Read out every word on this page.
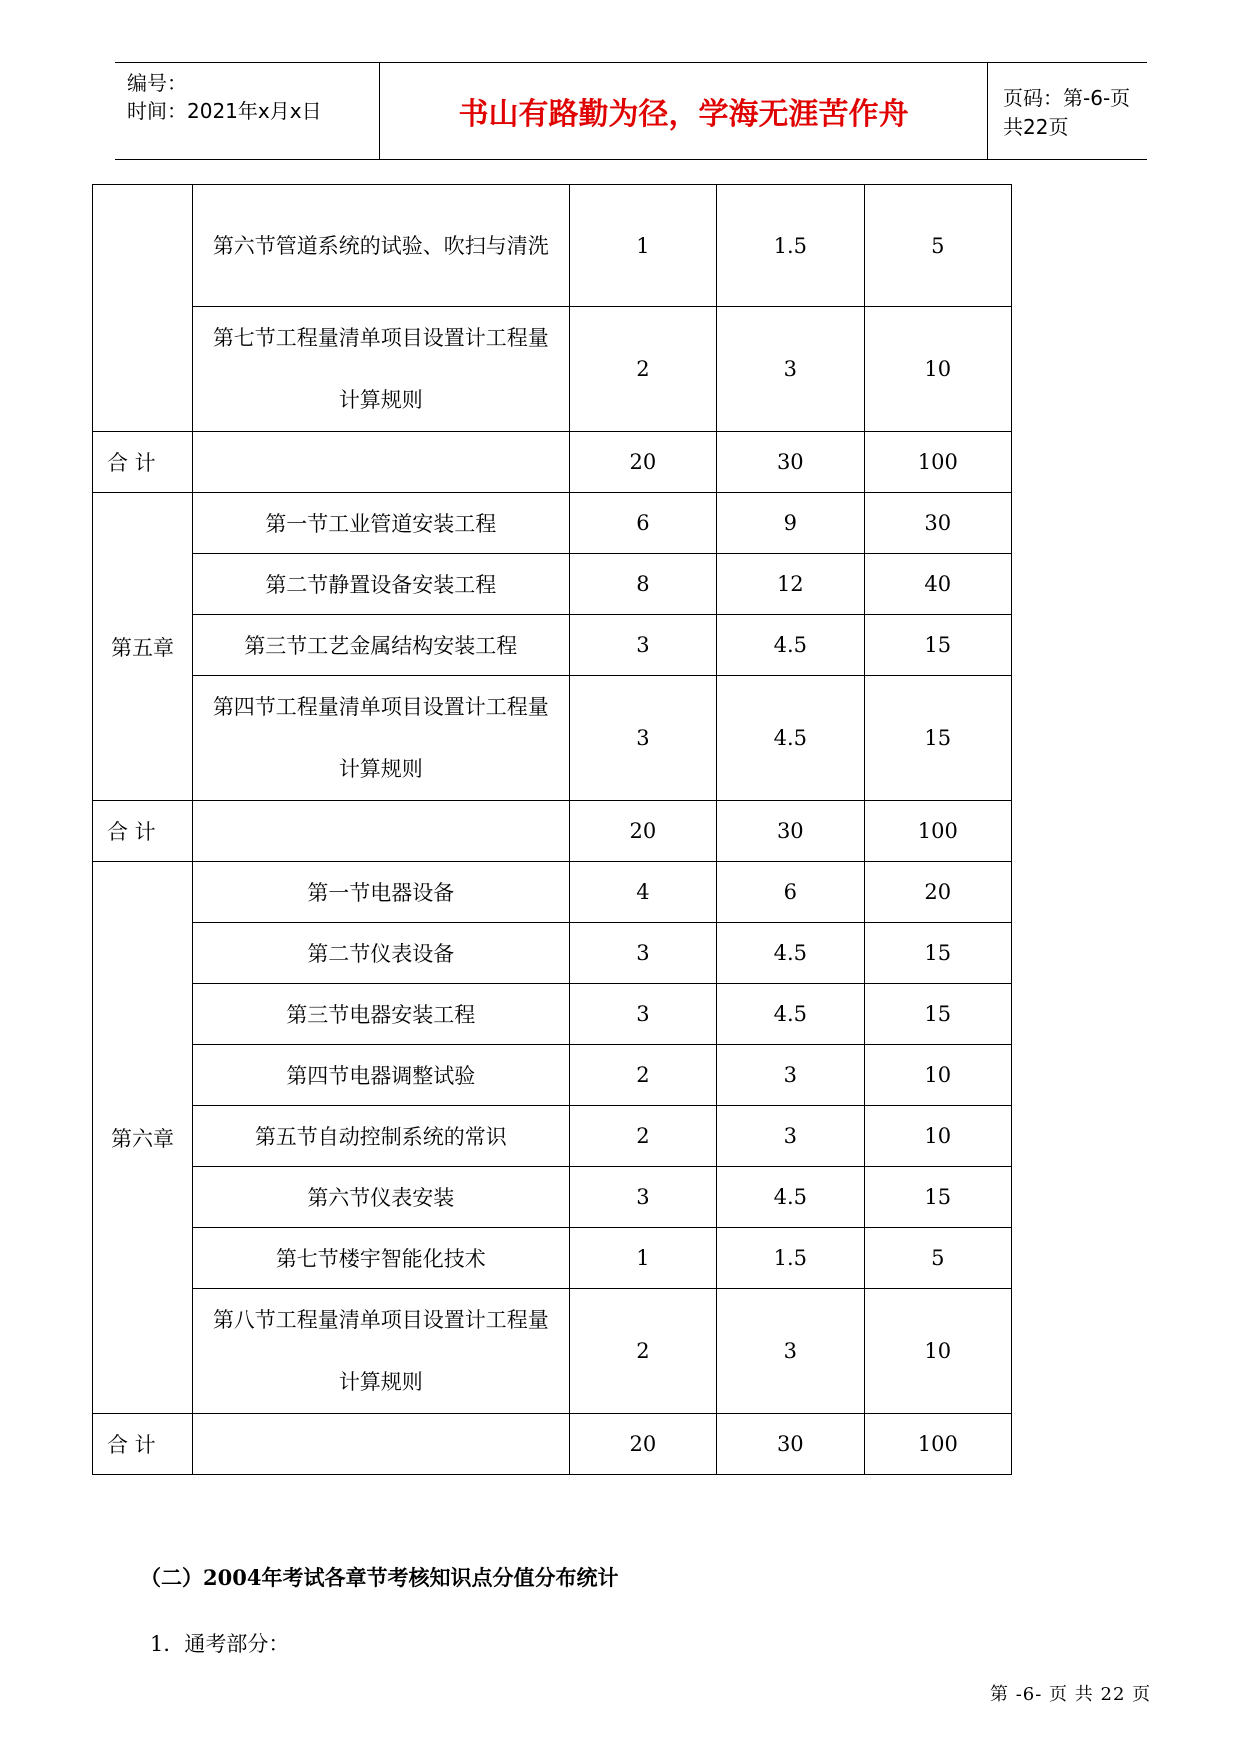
编号：
时间：2021年x月x日	书山有路勤为径，学海无涯苦作舟	页码：第-6-页 共22页
	第六节管道系统的试验、吹扫与清洗	1	1.5	5
	第七节工程量清单项目设置计工程量计算规则	2	3	10
合 计		20	30	100
第五章	第一节工业管道安装工程	6	9	30
	第二节静置设备安装工程	8	12	40
	第三节工艺金属结构安装工程	3	4.5	15
	第四节工程量清单项目设置计工程量计算规则	3	4.5	15
合 计		20	30	100
第六章	第一节电器设备	4	6	20
	第二节仪表设备	3	4.5	15
	第三节电器安装工程	3	4.5	15
	第四节电器调整试验	2	3	10
	第五节自动控制系统的常识	2	3	10
	第六节仪表安装	3	4.5	15
	第七节楼宇智能化技术	1	1.5	5
	第八节工程量清单项目设置计工程量计算规则	2	3	10
合 计		20	30	100
（二）2004年考试各章节考核知识点分值分布统计
1．通考部分：
第 -6- 页 共 22 页
